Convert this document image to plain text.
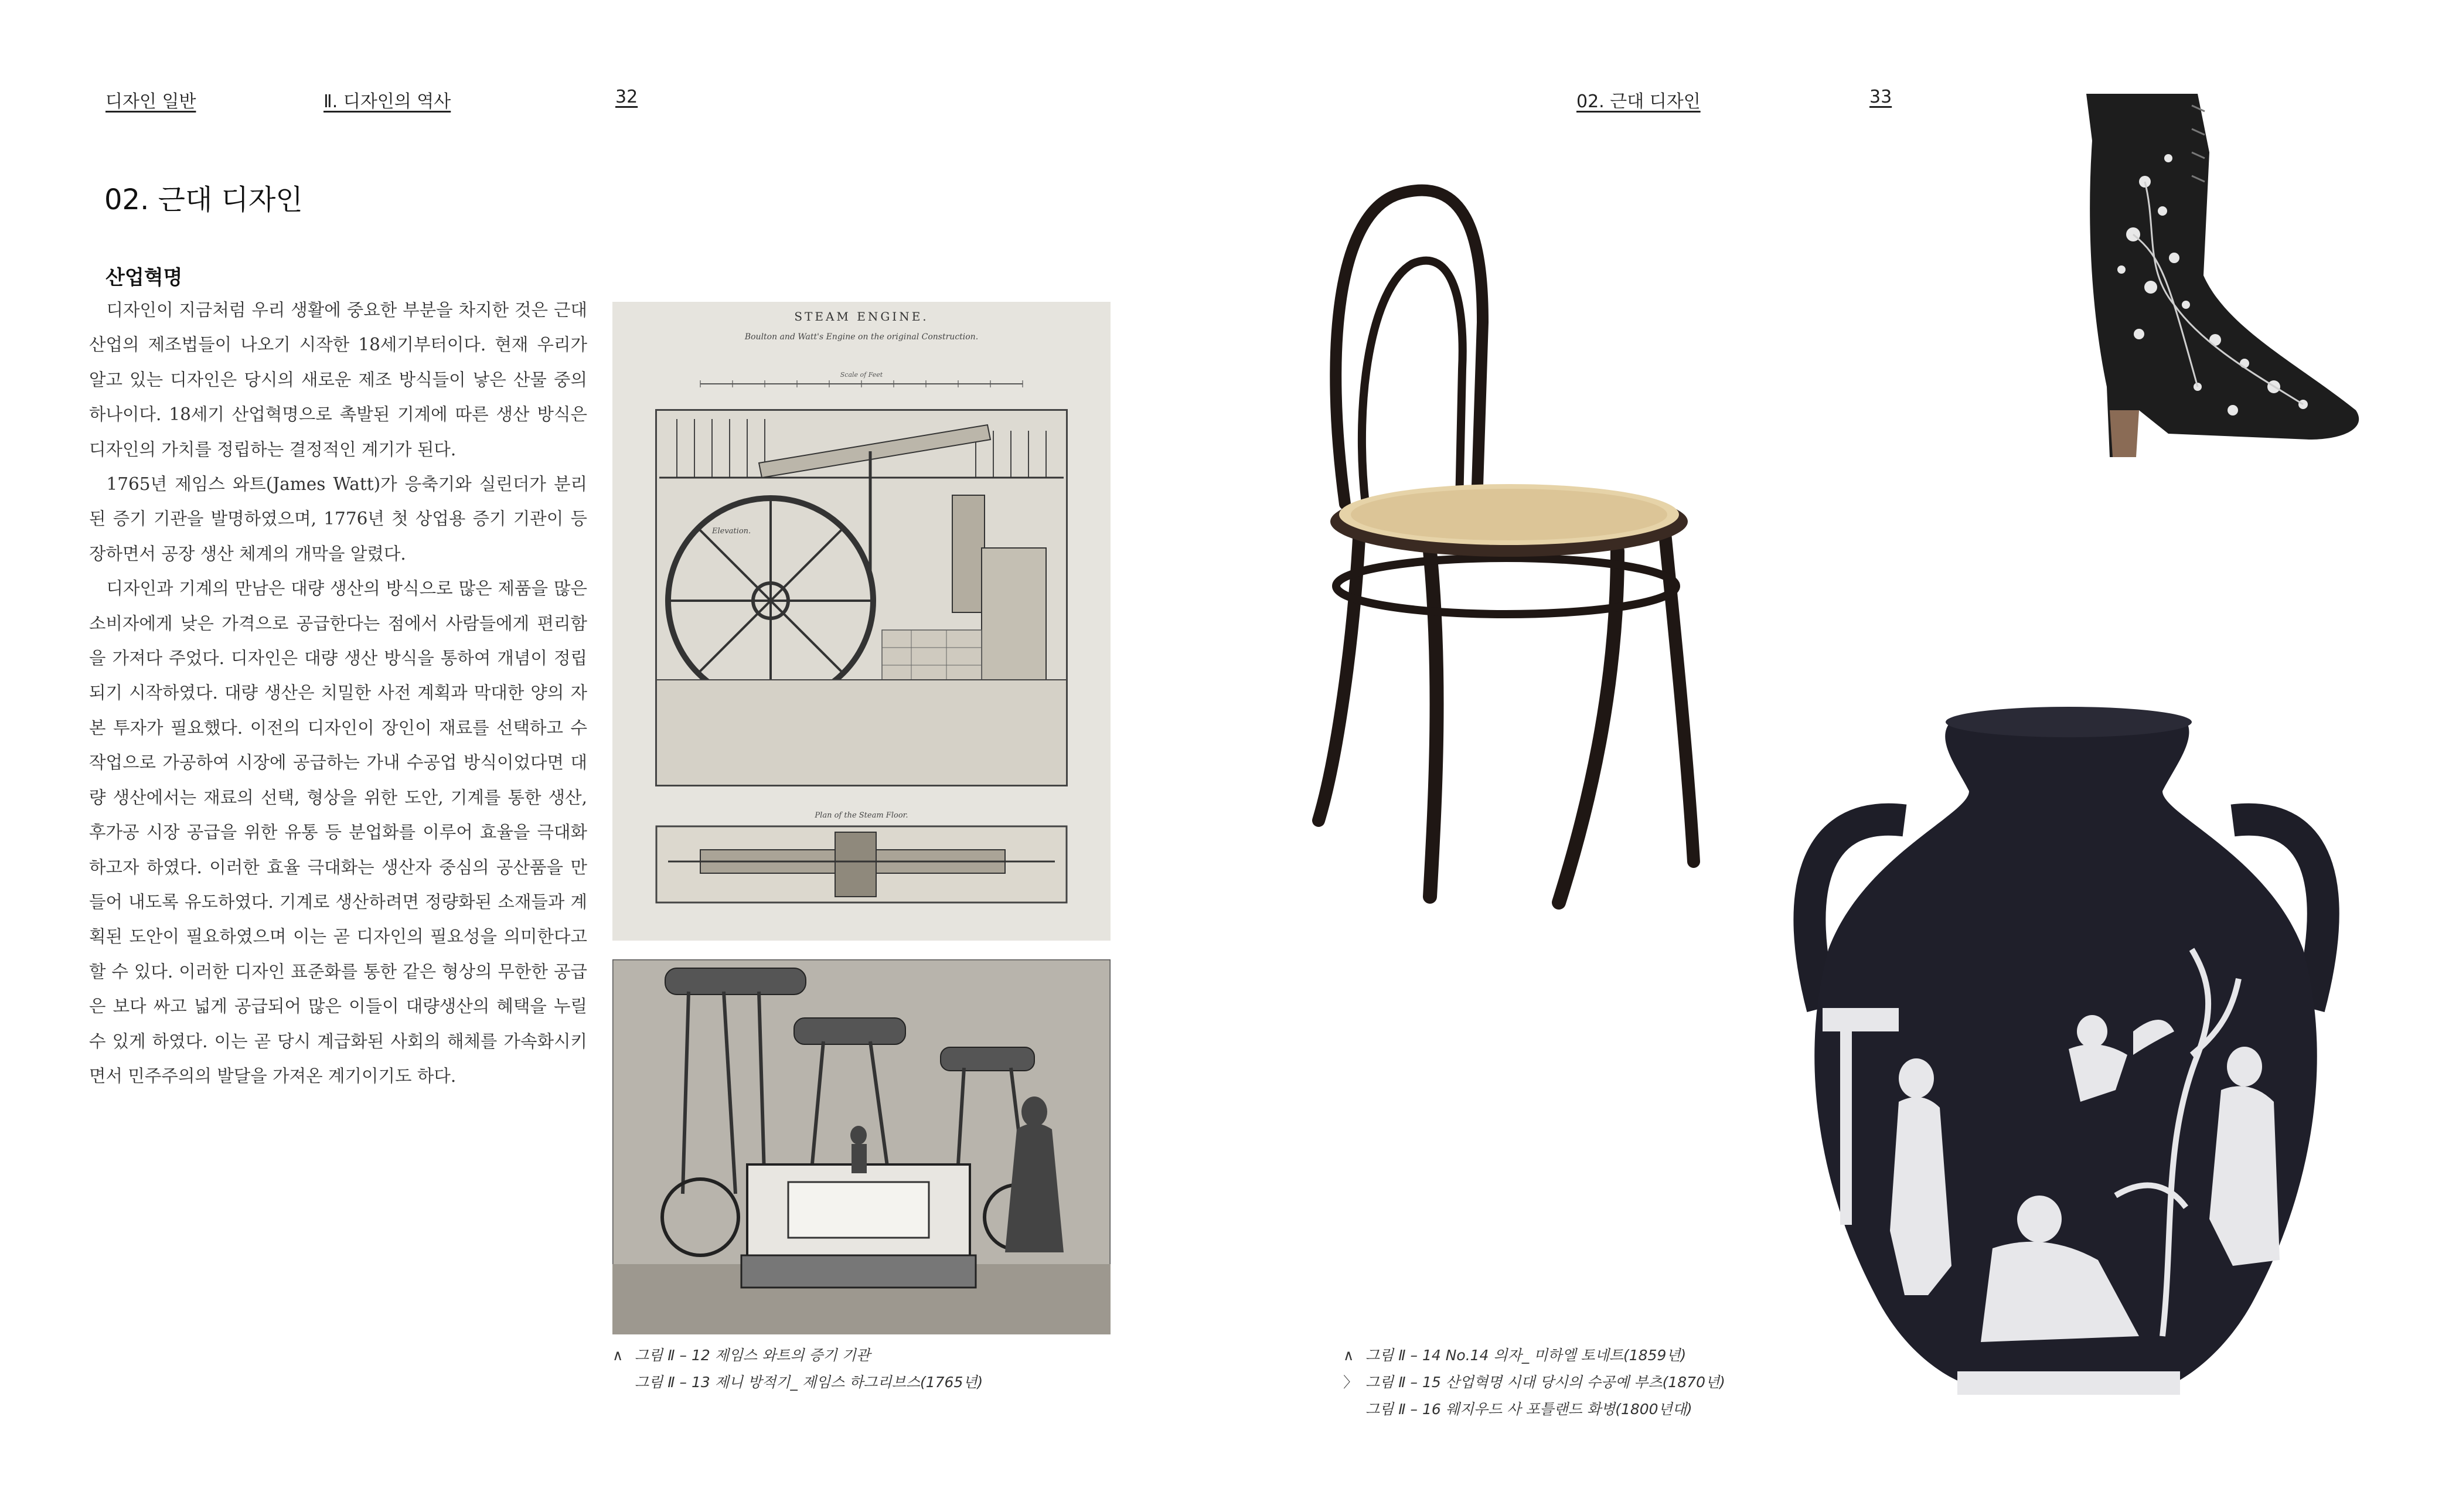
디자인 일반	Ⅱ. 디자인의 역사	32	02. 근대 디자인	33
02. 근대 디자인
산업혁명

디자인이 지금처럼 우리 생활에 중요한 부분을 차지한 것은 근대 산업의 제조법들이 나오기 시작한 18세기부터이다. 현재 우리가 알고 있는 디자인은 당시의 새로운 제조 방식들이 낳은 산물 중의 하나이다. 18세기 산업혁명으로 촉발된 기계에 따른 생산 방식은 디자인의 가치를 정립하는 결정적인 계기가 된다.

1765년 제임스 와트(James Watt)가 응축기와 실린더가 분리된 증기 기관을 발명하였으며, 1776년 첫 상업용 증기 기관이 등장하면서 공장 생산 체계의 개막을 알렸다.

디자인과 기계의 만남은 대량 생산의 방식으로 많은 제품을 많은 소비자에게 낮은 가격으로 공급한다는 점에서 사람들에게 편리함을 가져다 주었다. 디자인은 대량 생산 방식을 통하여 개념이 정립되기 시작하였다. 대량 생산은 치밀한 사전 계획과 막대한 양의 자본 투자가 필요했다. 이전의 디자인이 장인이 재료를 선택하고 수작업으로 가공하여 시장에 공급하는 가내 수공업 방식이었다면 대량 생산에서는 재료의 선택, 형상을 위한 도안, 기계를 통한 생산, 후가공 시장 공급을 위한 유통 등 분업화를 이루어 효율을 극대화하고자 하였다. 이러한 효율 극대화는 생산자 중심의 공산품을 만들어 내도록 유도하였다. 기계로 생산하려면 정량화된 소재들과 계획된 도안이 필요하였으며 이는 곧 디자인의 필요성을 의미한다고 할 수 있다. 이러한 디자인 표준화를 통한 같은 형상의 무한한 공급은 보다 싸고 넓게 공급되어 많은 이들이 대량생산의 혜택을 누릴 수 있게 하였다. 이는 곧 당시 계급화된 사회의 해체를 가속화시키면서 민주주의의 발달을 가져온 계기이기도 하다.

STEAM ENGINE.
Boulton and Watt's Engine on the original Construction.
Scale of Feet
Elevation.
Plan of the Steam Floor.
∧ 그림 Ⅱ – 12 제임스 와트의 증기 기관
그림 Ⅱ – 13 제니 방적기_ 제임스 하그리브스(1765년)
∧ 그림 Ⅱ – 14 No.14 의자_ 미하엘 토네트(1859년)
〉 그림 Ⅱ – 15 산업혁명 시대 당시의 수공예 부츠(1870년)
그림 Ⅱ – 16 웨지우드 사 포틀랜드 화병(1800년대)
